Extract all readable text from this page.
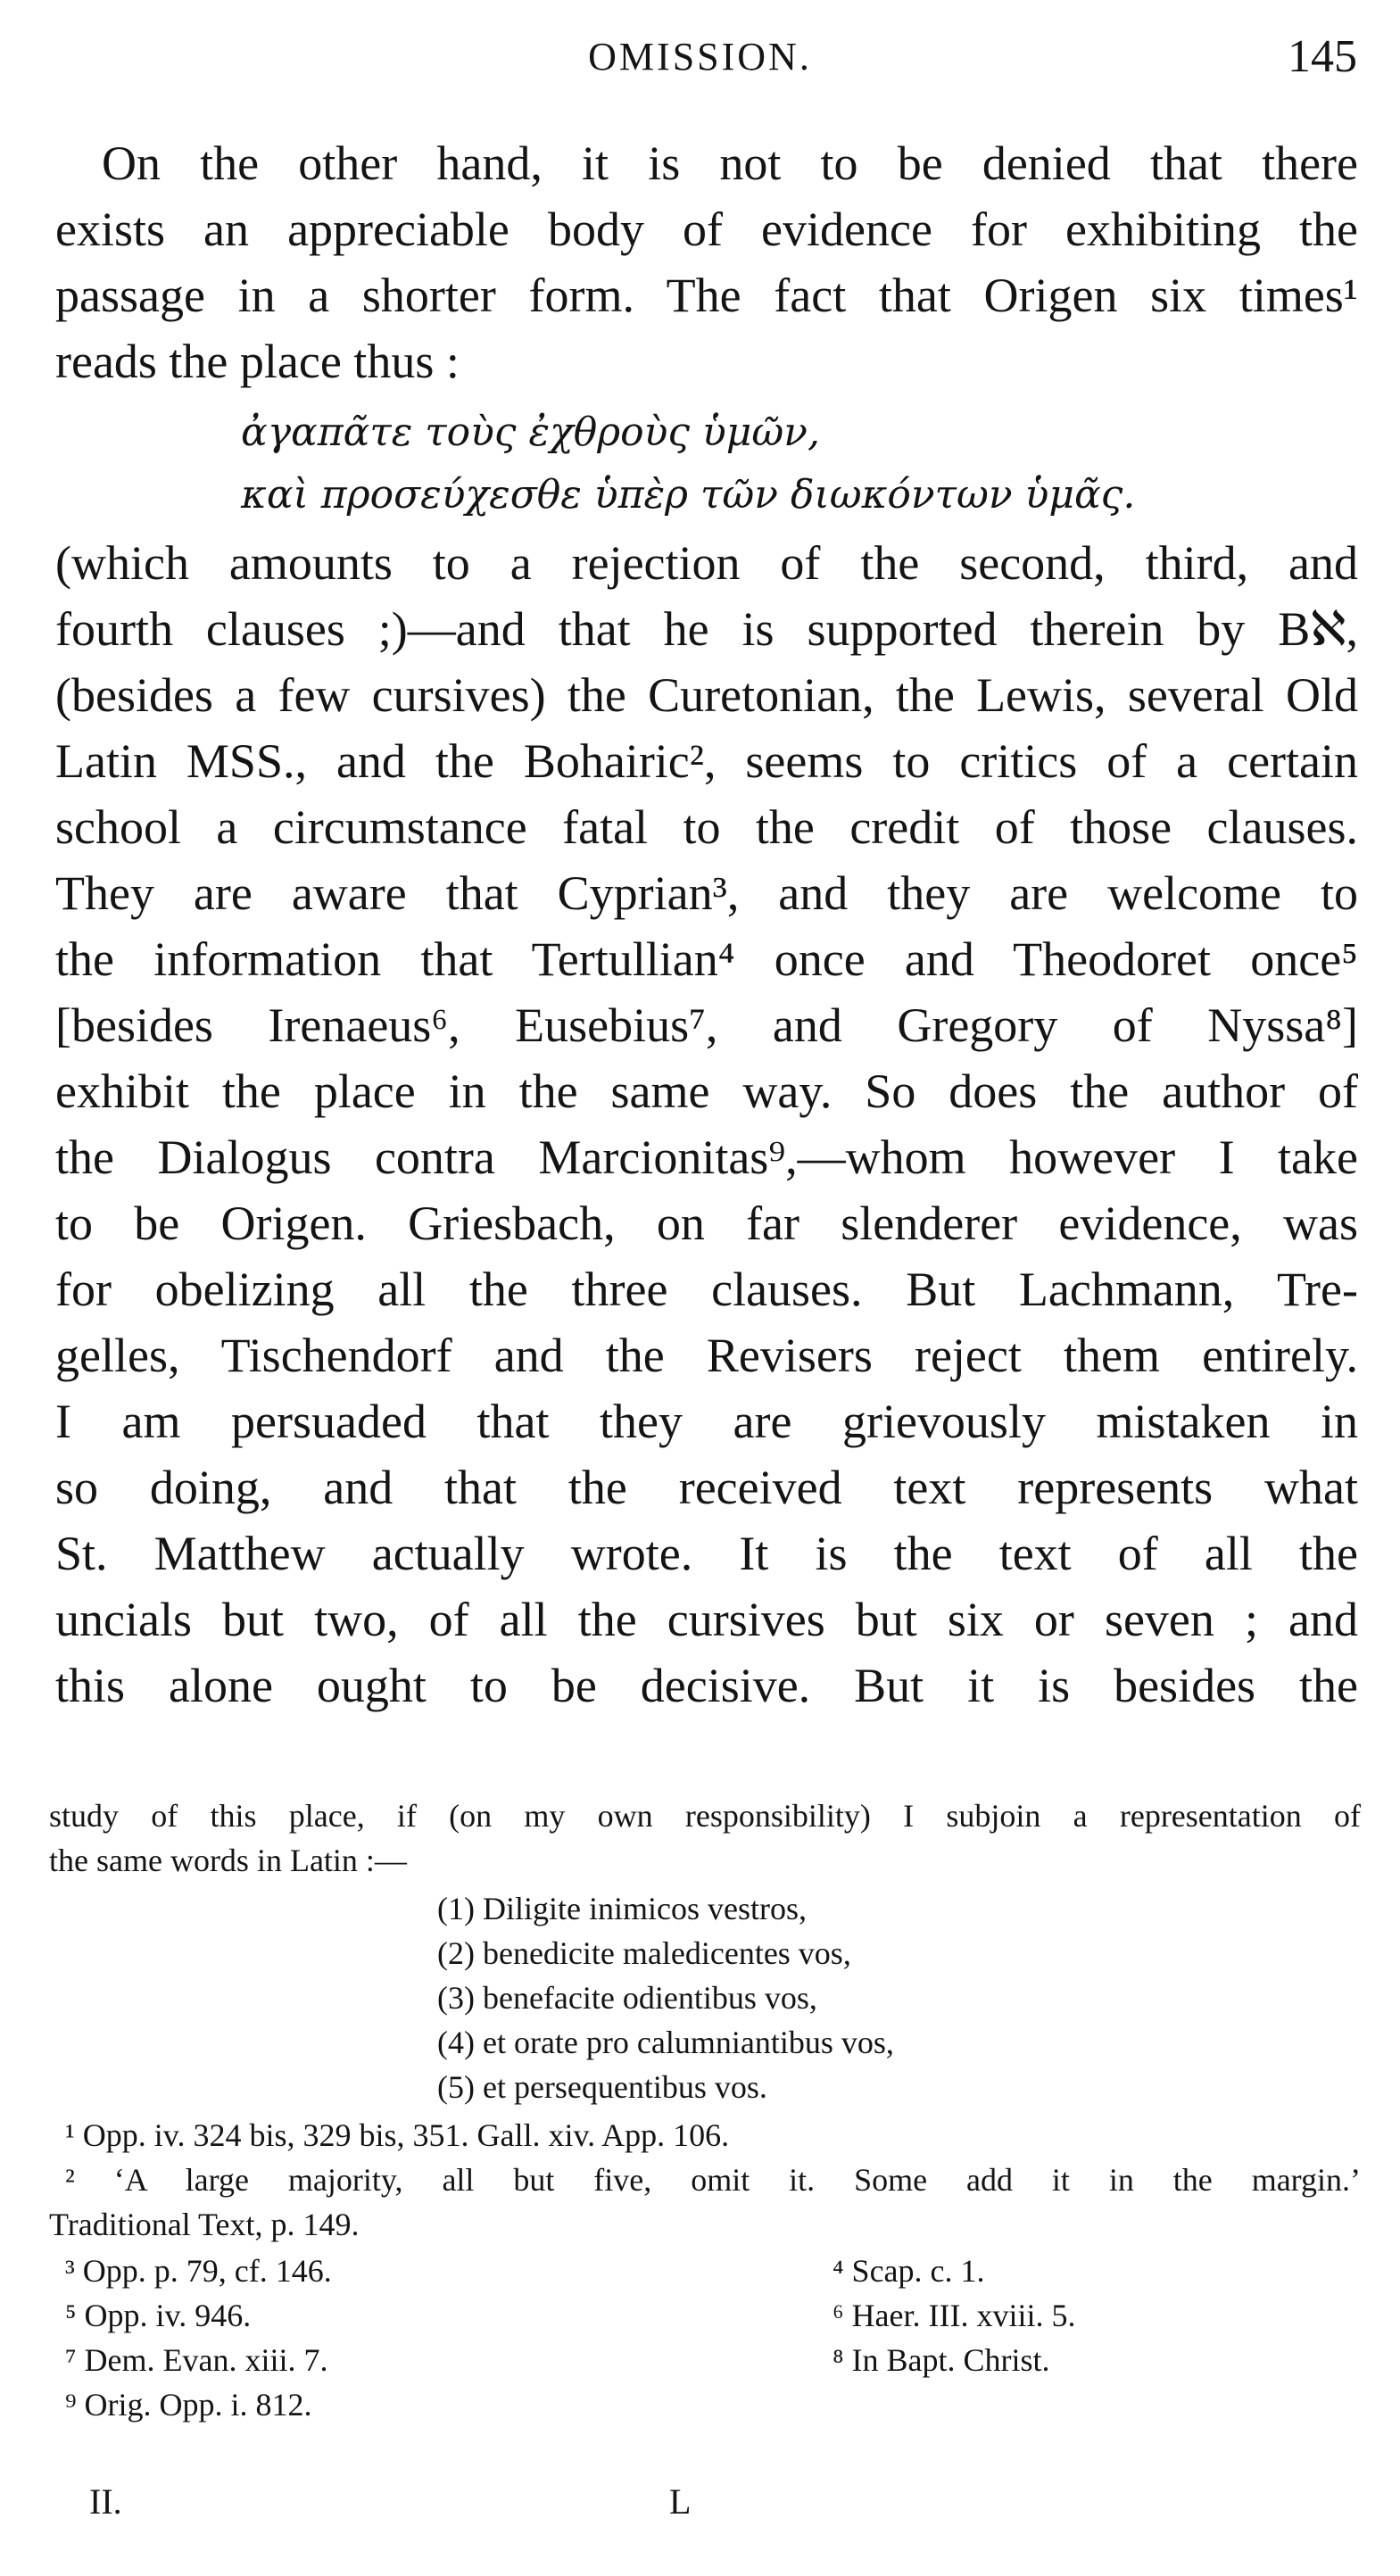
OMISSION.	145
On the other hand, it is not to be denied that there
exists an appreciable body of evidence for exhibiting the
passage in a shorter form. The fact that Origen six times¹
reads the place thus :
ἀγαπᾶτε τοὺς ἐχθροὺς ὑμῶν,
καὶ προσεύχεσθε ὑπὲρ τῶν διωκόντων ὑμᾶς.
(which amounts to a rejection of the second, third, and
fourth clauses ;)—and that he is supported therein by Bℵ,
(besides a few cursives) the Curetonian, the Lewis, several Old
Latin MSS., and the Bohairic², seems to critics of a certain
school a circumstance fatal to the credit of those clauses.
They are aware that Cyprian³, and they are welcome to
the information that Tertullian⁴ once and Theodoret once⁵
[besides Irenaeus⁶, Eusebius⁷, and Gregory of Nyssa⁸]
exhibit the place in the same way. So does the author of
the Dialogus contra Marcionitas⁹,—whom however I take
to be Origen. Griesbach, on far slenderer evidence, was
for obelizing all the three clauses. But Lachmann, Tre-
gelles, Tischendorf and the Revisers reject them entirely.
I am persuaded that they are grievously mistaken in
so doing, and that the received text represents what
St. Matthew actually wrote. It is the text of all the
uncials but two, of all the cursives but six or seven ; and
this alone ought to be decisive. But it is besides the
study of this place, if (on my own responsibility) I subjoin a representation of
the same words in Latin :—
(1) Diligite inimicos vestros,
(2) benedicite maledicentes vos,
(3) benefacite odientibus vos,
(4) et orate pro calumniantibus vos,
(5) et persequentibus vos.
¹ Opp. iv. 324 bis, 329 bis, 351. Gall. xiv. App. 106.
² ‘A large majority, all but five, omit it. Some add it in the margin.’
Traditional Text, p. 149.
³ Opp. p. 79, cf. 146.	⁴ Scap. c. 1.
⁵ Opp. iv. 946.	⁶ Haer. III. xviii. 5.
⁷ Dem. Evan. xiii. 7.	⁸ In Bapt. Christ.
⁹ Orig. Opp. i. 812.
II.	L
